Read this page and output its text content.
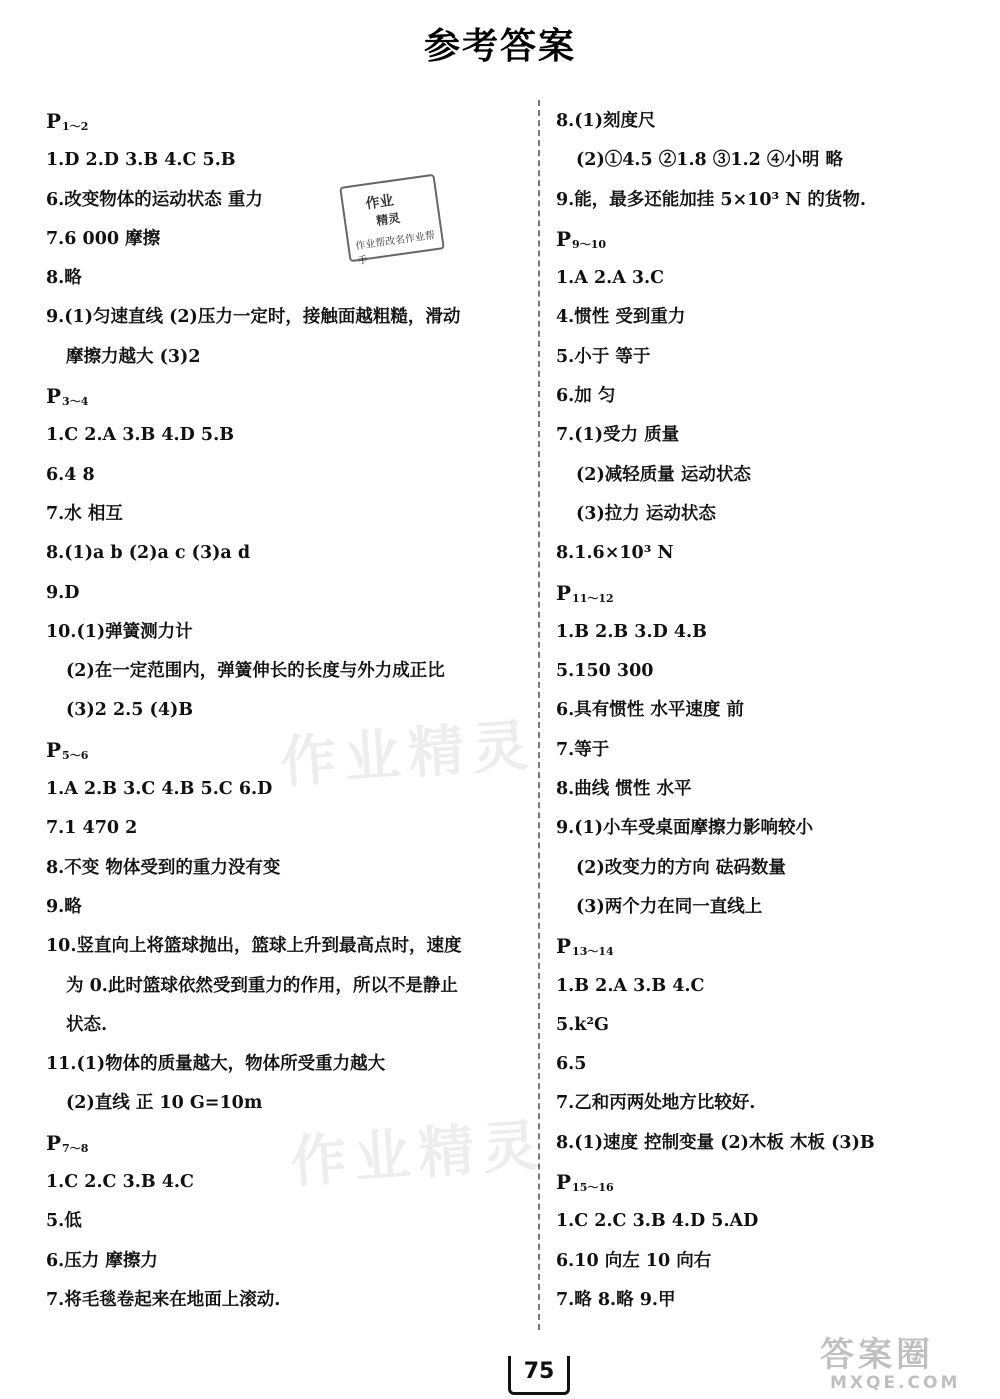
参考答案
$P_{1\sim 2}$
1.D 2.D 3.B 4.C 5.B
6.改变物体的运动状态 重力
7.6 000 摩擦
8.略
9.(1)匀速直线 (2)压力一定时，接触面越粗糙，滑动
摩擦力越大 (3)2
$P_{3\sim 4}$
1.C 2.A 3.B 4.D 5.B
6.4 8
7.水 相互
8.(1)a b (2)a c (3)a d
9.D
10.(1)弹簧测力计
(2)在一定范围内，弹簧伸长的长度与外力成正比
(3)2 2.5 (4)B
$P_{5\sim 6}$
1.A 2.B 3.C 4.B 5.C 6.D
7.1 470 2
8.不变 物体受到的重力没有变
9.略
10.竖直向上将篮球抛出，篮球上升到最高点时，速度
为 0.此时篮球依然受到重力的作用，所以不是静止
状态.
11.(1)物体的质量越大，物体所受重力越大
(2)直线 正 10 G=10m
$P_{7\sim 8}$
1.C 2.C 3.B 4.C
5.低
6.压力 摩擦力
7.将毛毯卷起来在地面上滚动.
8.(1)刻度尺
(2)①4.5 ②1.8 ③1.2 ④小明 略
9.能，最多还能加挂 5×10³ N 的货物.
$P_{9\sim 10}$
1.A 2.A 3.C
4.惯性 受到重力
5.小于 等于
6.加 匀
7.(1)受力 质量
(2)减轻质量 运动状态
(3)拉力 运动状态
8.1.6×10³ N
$P_{11\sim 12}$
1.B 2.B 3.D 4.B
5.150 300
6.具有惯性 水平速度 前
7.等于
8.曲线 惯性 水平
9.(1)小车受桌面摩擦力影响较小
(2)改变力的方向 砝码数量
(3)两个力在同一直线上
$P_{13\sim 14}$
1.B 2.A 3.B 4.C
5.k²G
6.5
7.乙和丙两处地方比较好.
8.(1)速度 控制变量 (2)木板 木板 (3)B
$P_{15\sim 16}$
1.C 2.C 3.B 4.D 5.AD
6.10 向左 10 向右
7.略 8.略 9.甲
作业
精灵
作业帮改名作业帮手
作业精灵
作业精灵
75	答案圈
MXQE.COM
